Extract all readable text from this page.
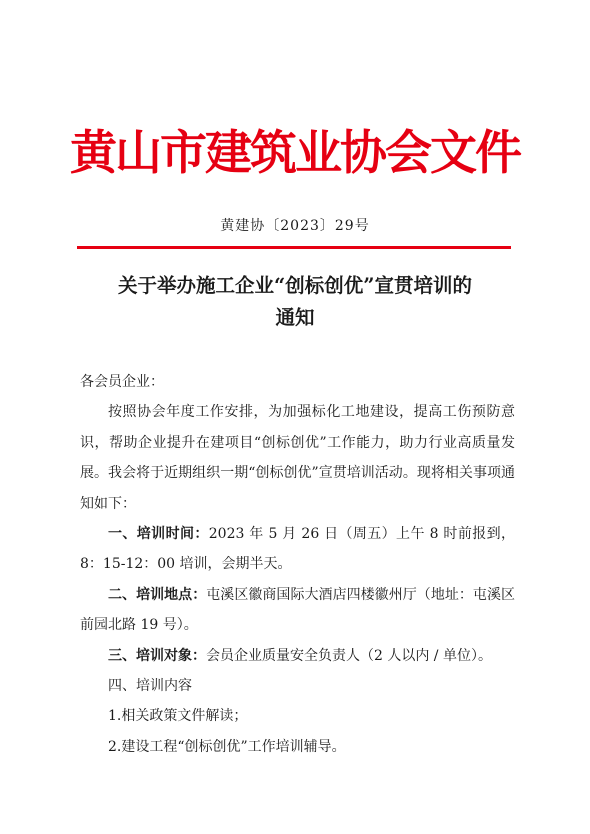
黄山市建筑业协会文件
黄建协〔2023〕29号
关于举办施工企业“创标创优”宣贯培训的
通知

各会员企业：

按照协会年度工作安排，为加强标化工地建设，提高工伤预防意识，帮助企业提升在建项目“创标创优”工作能力，助力行业高质量发展。我会将于近期组织一期“创标创优”宣贯培训活动。现将相关事项通知如下：

一、培训时间：2023 年 5 月 26 日（周五）上午 8 时前报到，8：15-12：00 培训，会期半天。

二、培训地点：屯溪区徽商国际大酒店四楼徽州厅（地址：屯溪区前园北路 19 号）。

三、培训对象：会员企业质量安全负责人（2 人以内 / 单位）。

四、培训内容

1.相关政策文件解读；

2.建设工程“创标创优”工作培训辅导。
